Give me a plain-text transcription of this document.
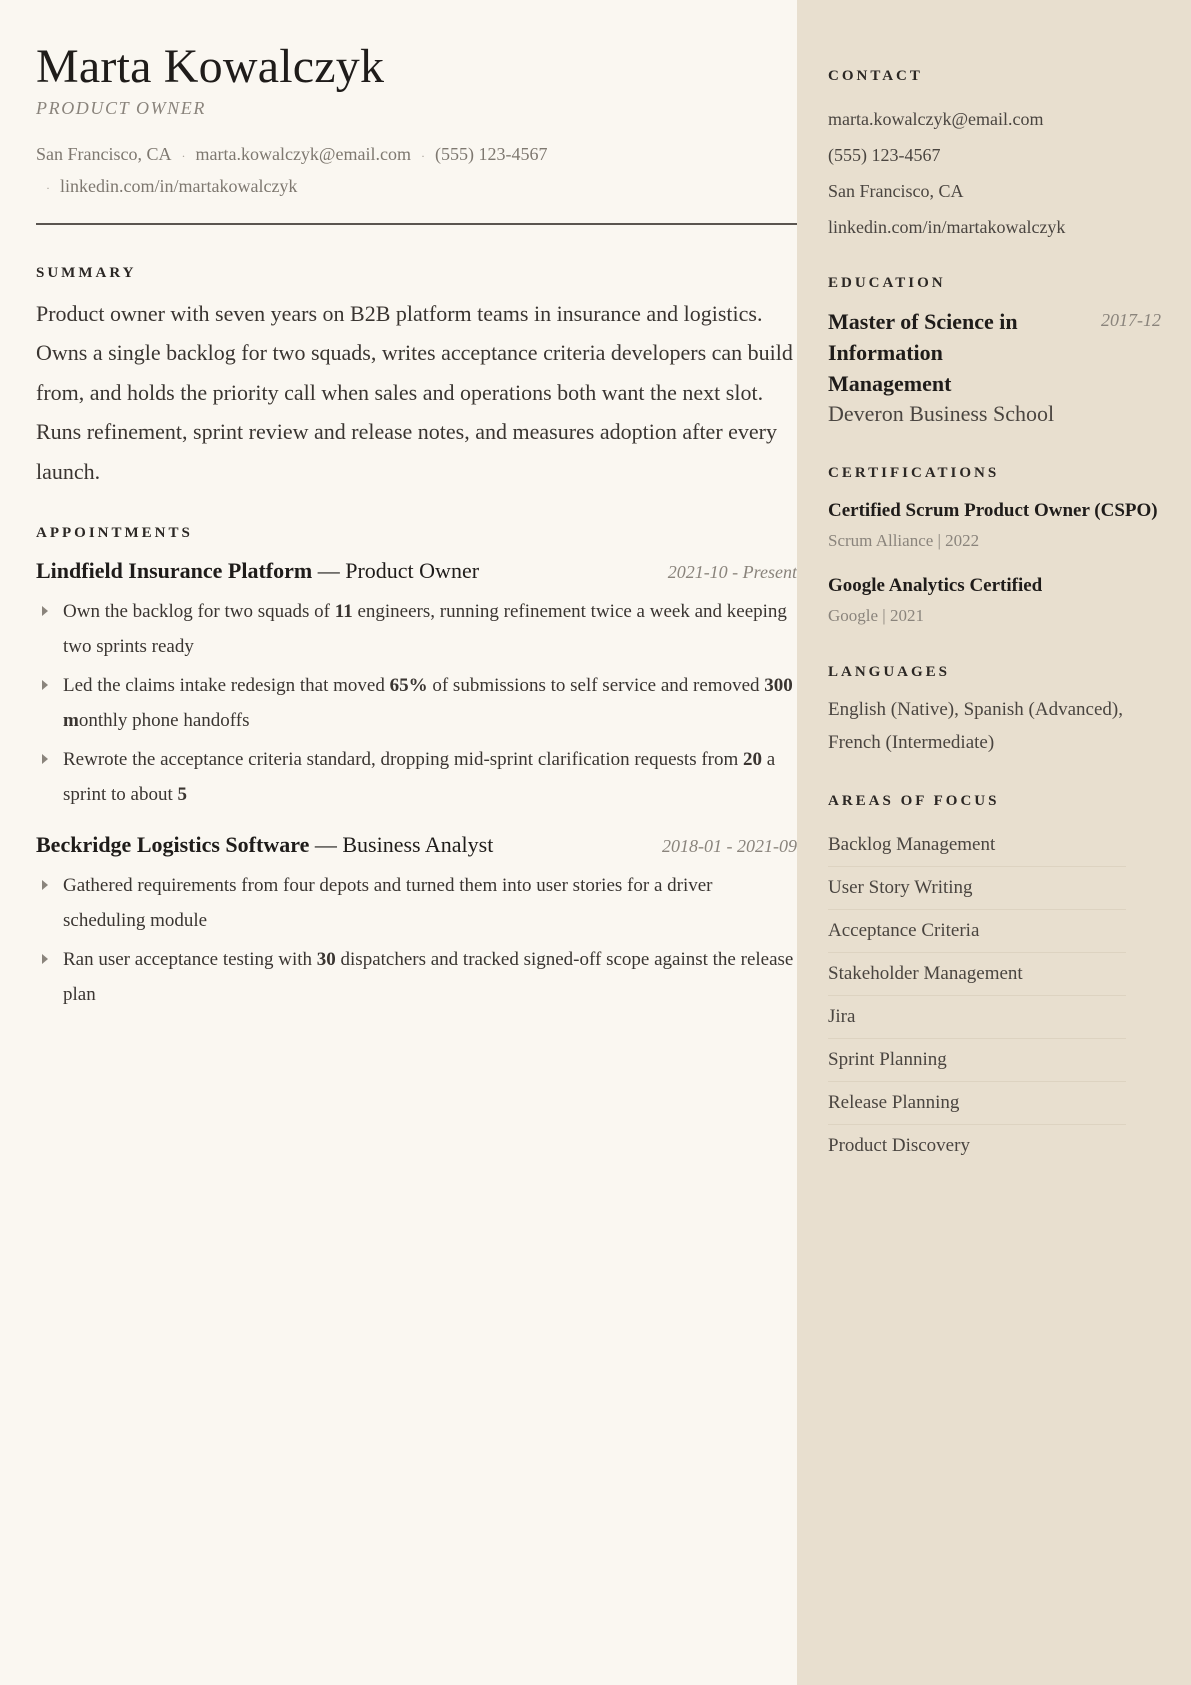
Marta Kowalczyk
PRODUCT OWNER
San Francisco, CA · marta.kowalczyk@email.com · (555) 123-4567
· linkedin.com/in/martakowalczyk
SUMMARY
Product owner with seven years on B2B platform teams in insurance and logistics. Owns a single backlog for two squads, writes acceptance criteria developers can build from, and holds the priority call when sales and operations both want the next slot. Runs refinement, sprint review and release notes, and measures adoption after every launch.
APPOINTMENTS
Lindfield Insurance Platform — Product Owner	2021-10 - Present
Own the backlog for two squads of 11 engineers, running refinement twice a week and keeping two sprints ready
Led the claims intake redesign that moved 65% of submissions to self service and removed 300 monthly phone handoffs
Rewrote the acceptance criteria standard, dropping mid-sprint clarification requests from 20 a sprint to about 5
Beckridge Logistics Software — Business Analyst	2018-01 - 2021-09
Gathered requirements from four depots and turned them into user stories for a driver scheduling module
Ran user acceptance testing with 30 dispatchers and tracked signed-off scope against the release plan
CONTACT
marta.kowalczyk@email.com
(555) 123-4567
San Francisco, CA
linkedin.com/in/martakowalczyk
EDUCATION
Master of Science in Information Management
2017-12
Deveron Business School
CERTIFICATIONS
Certified Scrum Product Owner (CSPO)
Scrum Alliance | 2022
Google Analytics Certified
Google | 2021
LANGUAGES
English (Native), Spanish (Advanced), French (Intermediate)
AREAS OF FOCUS
Backlog Management
User Story Writing
Acceptance Criteria
Stakeholder Management
Jira
Sprint Planning
Release Planning
Product Discovery
